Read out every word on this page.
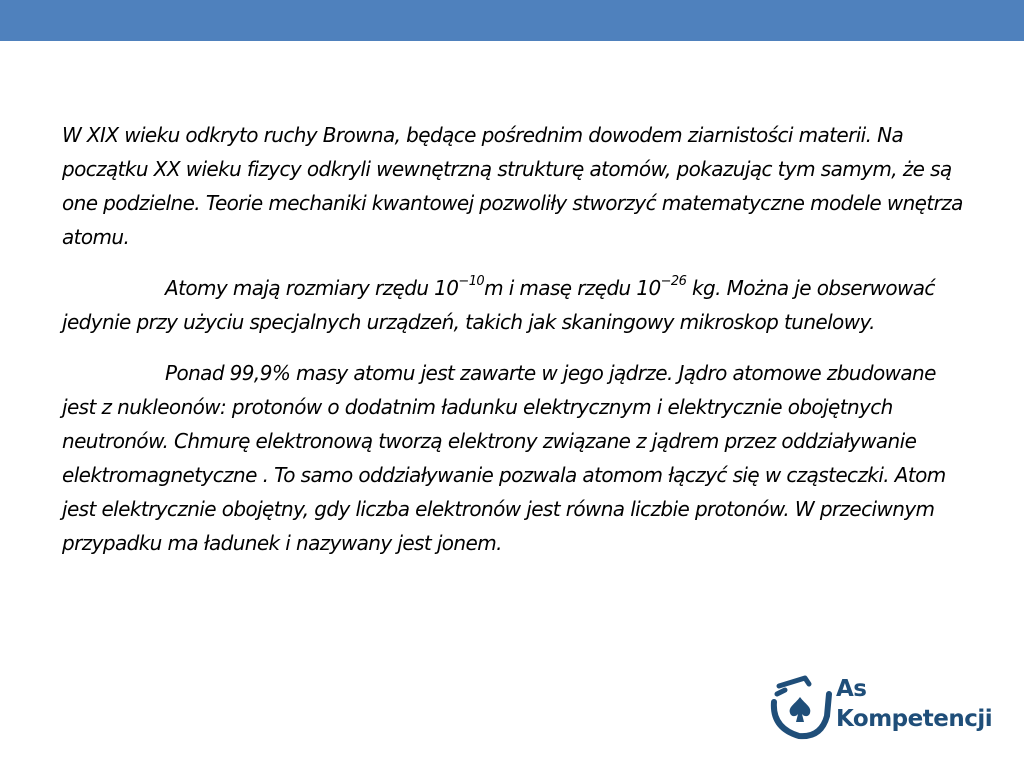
W XIX wieku odkryto ruchy Browna, będące pośrednim dowodem ziarnistości materii. Na początku XX wieku fizycy odkryli wewnętrzną strukturę atomów, pokazując tym samym, że są one podzielne. Teorie mechaniki kwantowej pozwoliły stworzyć matematyczne modele wnętrza atomu.

Atomy mają rozmiary rzędu $10^{-10}m$ i masę rzędu $10^{-26}$ kg. Można je obserwować jedynie przy użyciu specjalnych urządzeń, takich jak skaningowy mikroskop tunelowy.

Ponad 99,9% masy atomu jest zawarte w jego jądrze. Jądro atomowe zbudowane jest z nukleonów: protonów o dodatnim ładunku elektrycznym i elektrycznie obojętnych neutronów. Chmurę elektronową tworzą elektrony związane z jądrem przez oddziaływanie elektromagnetyczne . To samo oddziaływanie pozwala atomom łączyć się w cząsteczki. Atom jest elektrycznie obojętny, gdy liczba elektronów jest równa liczbie protonów. W przeciwnym przypadku ma ładunek i nazywany jest jonem.

As
Kompetencji
